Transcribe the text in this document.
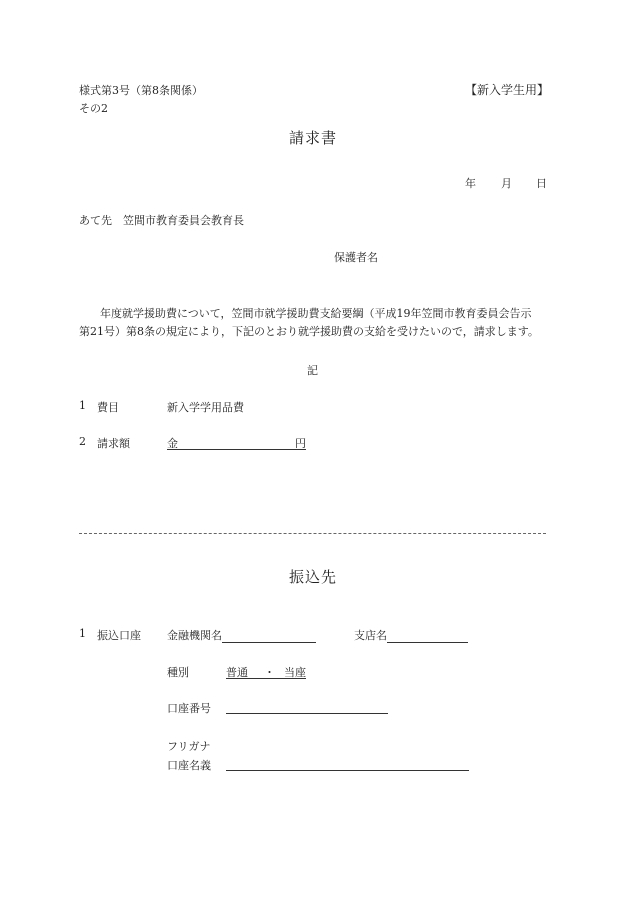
様式第3号（第8条関係）
その2
【新入学生用】
請求書
年 月 日
あて先　笠間市教育委員会教育長
保護者名
年度就学援助費について，笠間市就学援助費支給要綱（平成19年笠間市教育委員会告示
第21号）第8条の規定により，下記のとおり就学援助費の支給を受けたいので，請求します。
記
1 費目	新入学学用品費
2 請求額	金	円
振込先
1 振込口座 金融機関名	支店名
種別	普通 ・ 当座
口座番号
フリガナ
口座名義
